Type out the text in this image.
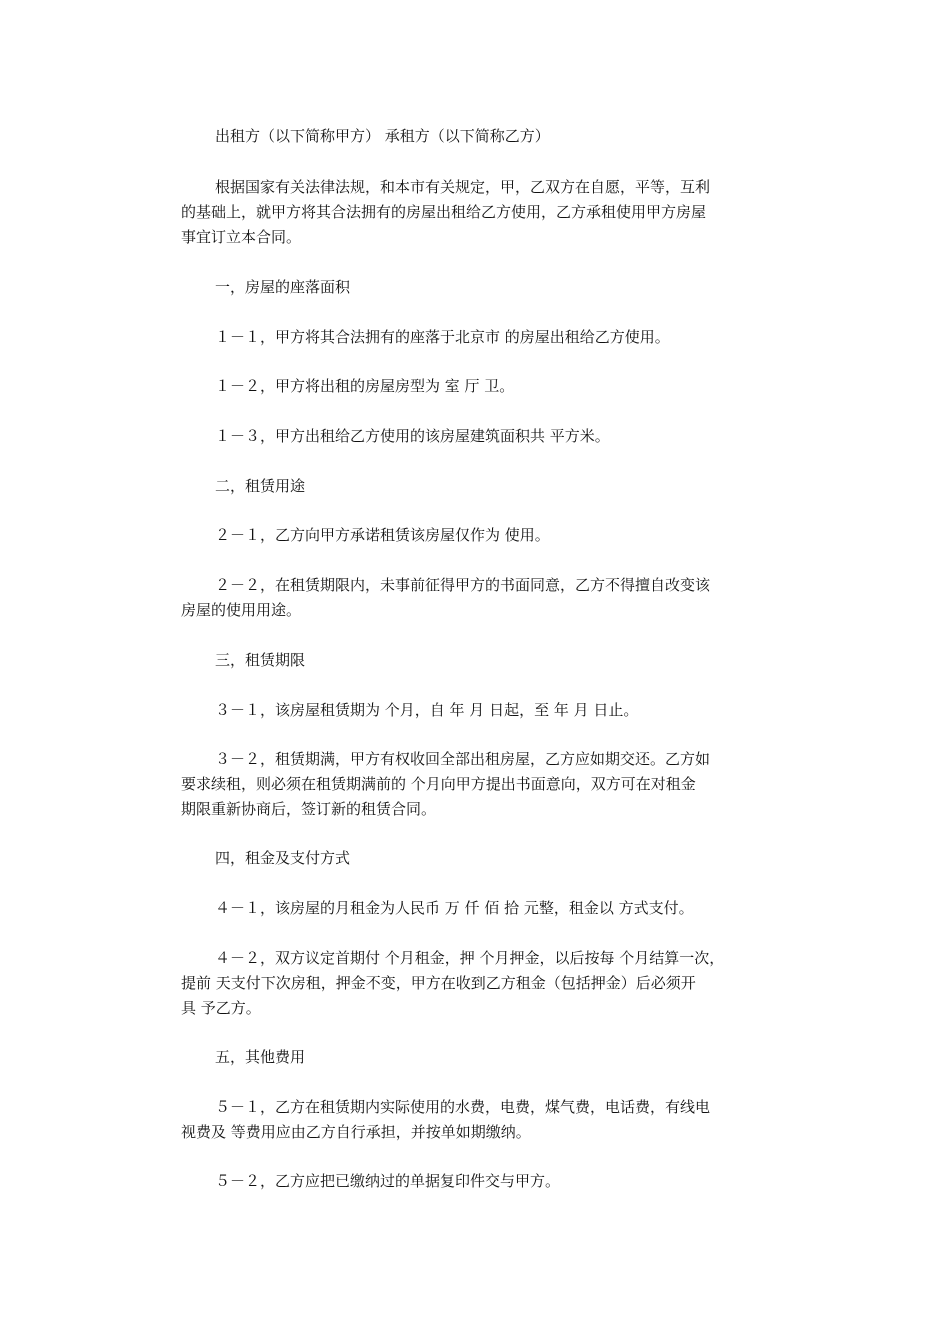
出租方（以下简称甲方） 承租方（以下简称乙方）

根据国家有关法律法规，和本市有关规定，甲，乙双方在自愿，平等，互利

的基础上，就甲方将其合法拥有的房屋出租给乙方使用，乙方承租使用甲方房屋

事宜订立本合同。

一，房屋的座落面积

１－１，甲方将其合法拥有的座落于北京市 的房屋出租给乙方使用。

１－２，甲方将出租的房屋房型为 室 厅 卫。

１－３，甲方出租给乙方使用的该房屋建筑面积共 平方米。

二，租赁用途

２－１，乙方向甲方承诺租赁该房屋仅作为 使用。

２－２，在租赁期限内，未事前征得甲方的书面同意，乙方不得擅自改变该

房屋的使用用途。

三，租赁期限

３－１，该房屋租赁期为 个月，自 年 月 日起，至 年 月 日止。

３－２，租赁期满，甲方有权收回全部出租房屋，乙方应如期交还。乙方如

要求续租，则必须在租赁期满前的 个月向甲方提出书面意向，双方可在对租金

期限重新协商后，签订新的租赁合同。

四，租金及支付方式

４－１，该房屋的月租金为人民币 万 仟 佰 拾 元整，租金以 方式支付。

４－２，双方议定首期付 个月租金，押 个月押金，以后按每 个月结算一次，

提前 天支付下次房租，押金不变，甲方在收到乙方租金（包括押金）后必须开

具 予乙方。

五，其他费用

５－１，乙方在租赁期内实际使用的水费，电费，煤气费，电话费，有线电

视费及 等费用应由乙方自行承担，并按单如期缴纳。

５－２，乙方应把已缴纳过的单据复印件交与甲方。
